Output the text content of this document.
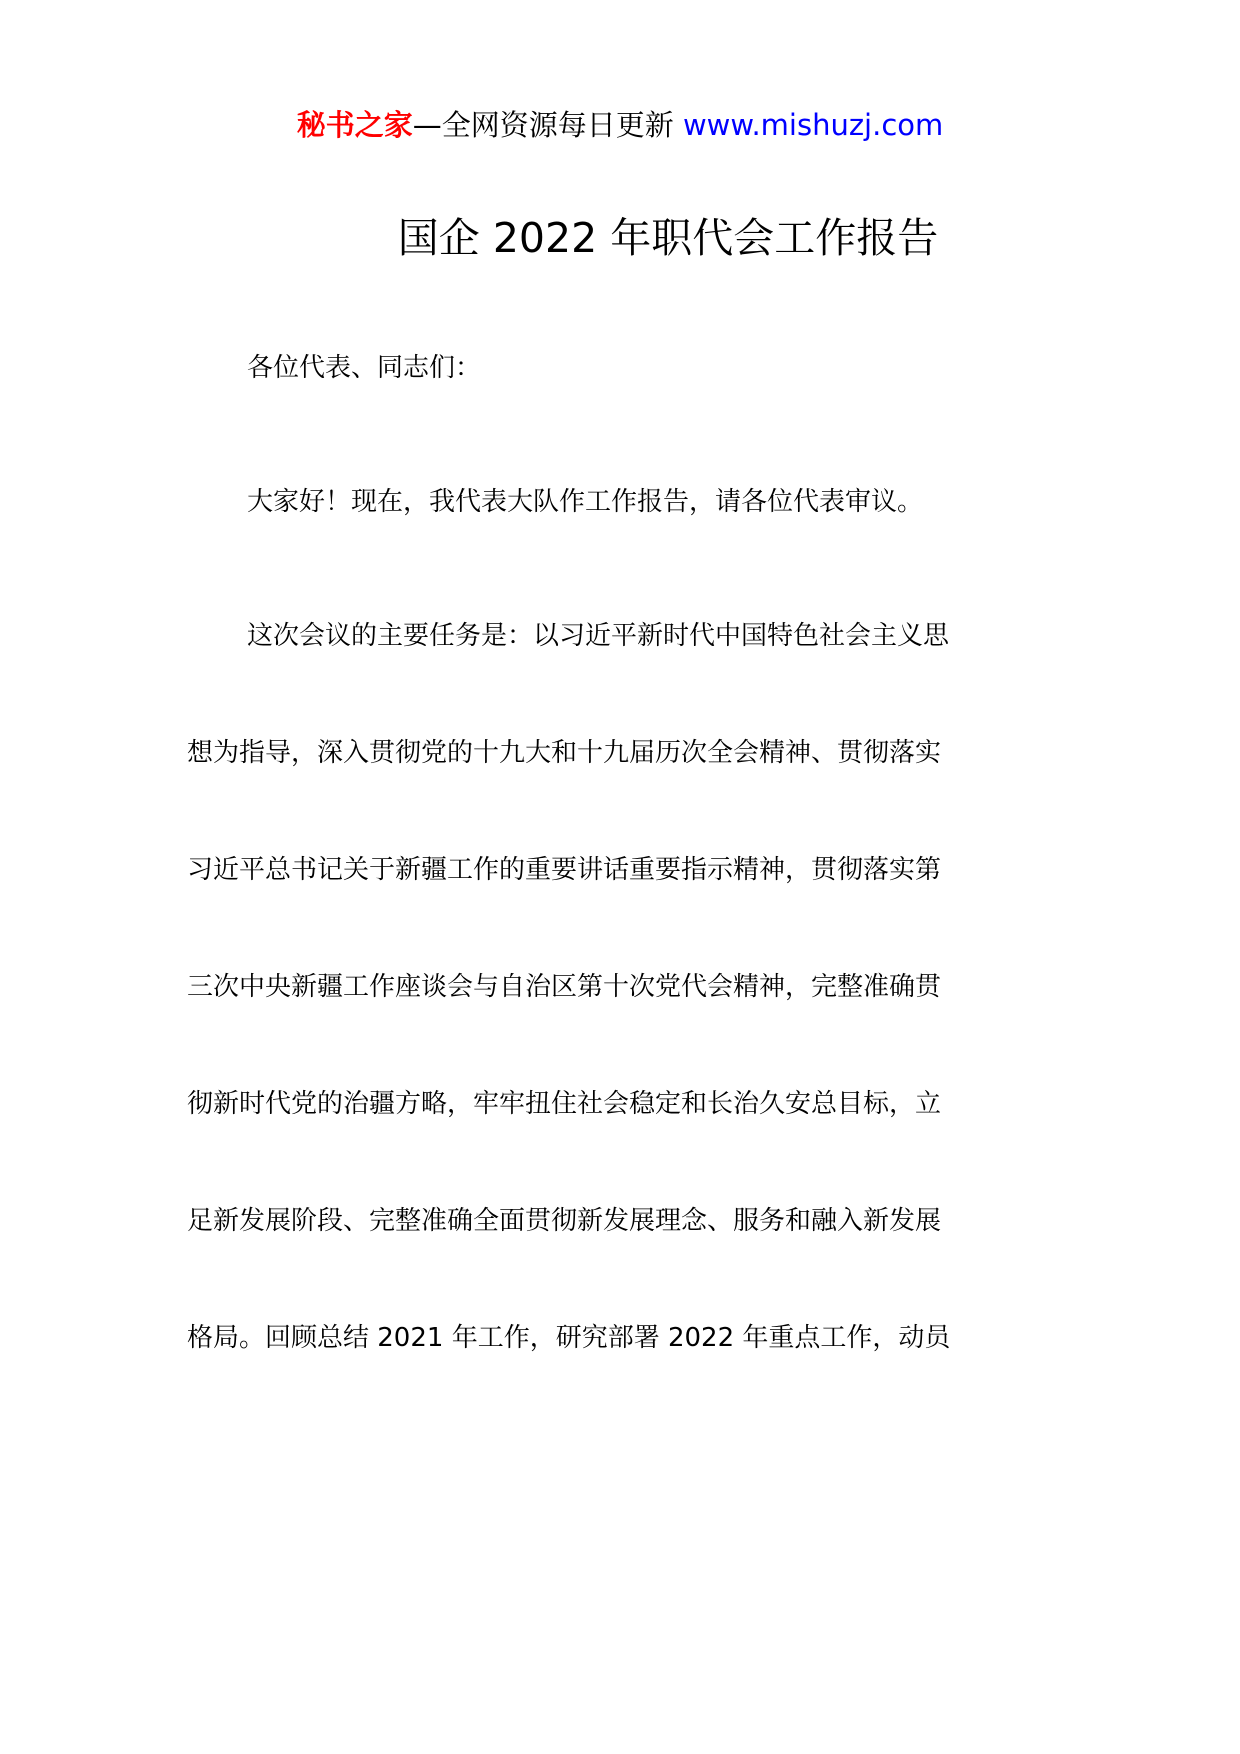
秘书之家—全网资源每日更新 www.mishuzj.com
国企 2022 年职代会工作报告
各位代表、同志们：
大家好！现在，我代表大队作工作报告，请各位代表审议。
这次会议的主要任务是：以习近平新时代中国特色社会主义思
想为指导，深入贯彻党的十九大和十九届历次全会精神、贯彻落实
习近平总书记关于新疆工作的重要讲话重要指示精神，贯彻落实第
三次中央新疆工作座谈会与自治区第十次党代会精神，完整准确贯
彻新时代党的治疆方略，牢牢扭住社会稳定和长治久安总目标，立
足新发展阶段、完整准确全面贯彻新发展理念、服务和融入新发展
格局。回顾总结 2021 年工作，研究部署 2022 年重点工作，动员
